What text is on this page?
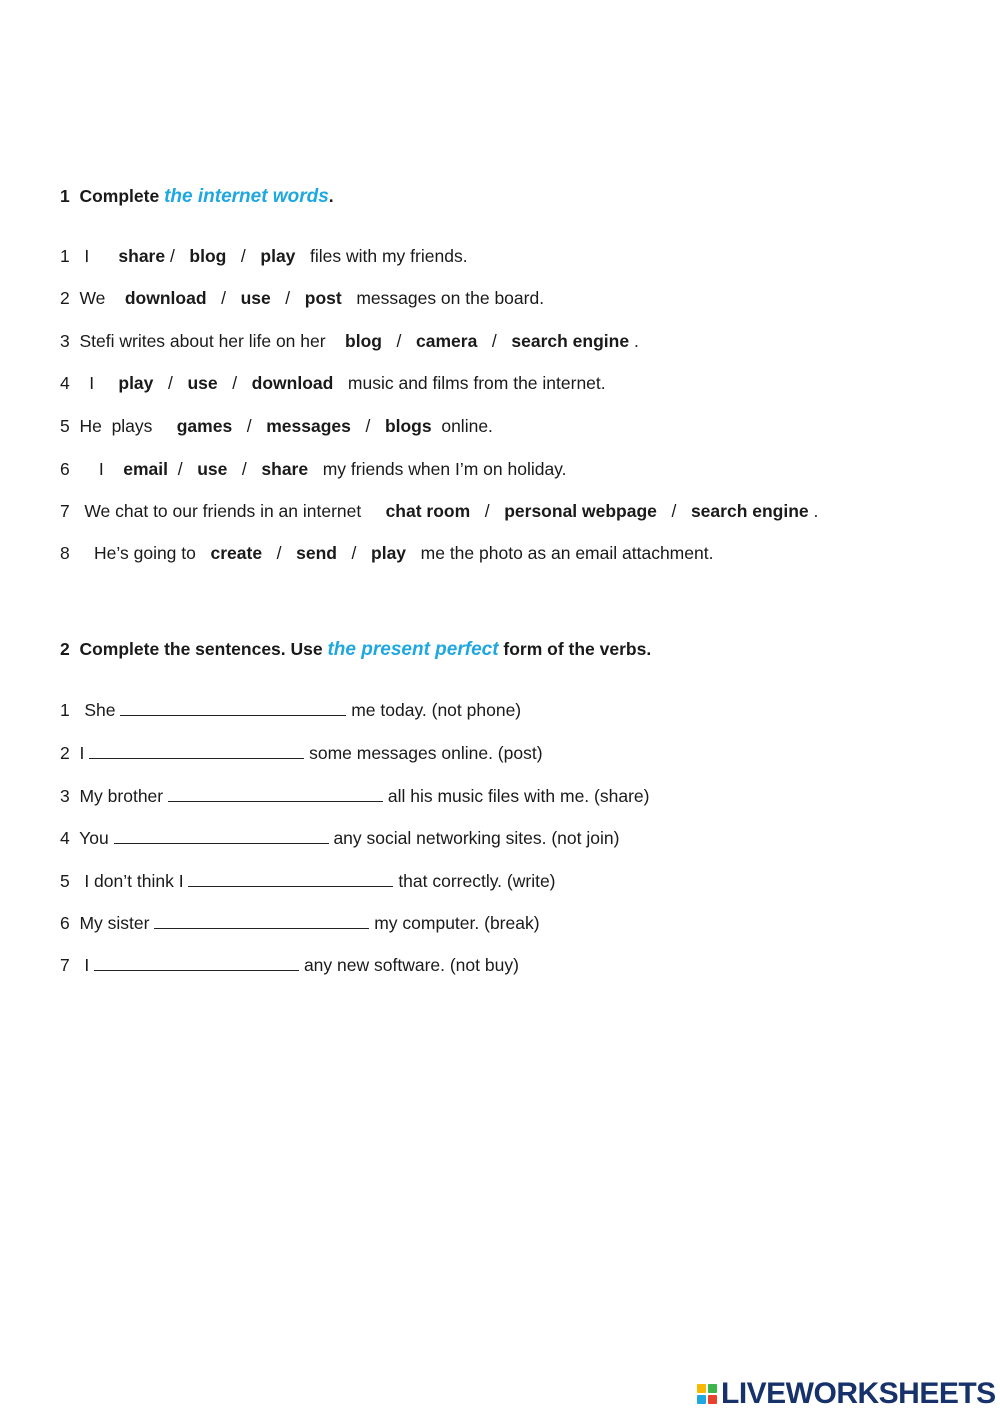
1 Complete the internet words.
1 I share /   blog   /   play files with my friends.
2 We download   /   use   /   post messages on the board.
3 Stefi writes about her life on her blog   /   camera   /   search engine .
4 I play   /   use   /   download music and films from the internet.
5 He  plays games   /   messages   /   blogs online.
6 I email  /   use   /   share my friends when I’m on holiday.
7 We chat to our friends in an internet chat room   /   personal webpage   /   search engine .
8 He’s going to create   /   send   /   play me the photo as an email attachment.
2 Complete the sentences. Use the present perfect form of the verbs.
1 She	me today. (not phone)
2 I	some messages online. (post)
3 My brother	all his music files with me. (share)
4 You	any social networking sites. (not join)
5 I don’t think I	that correctly. (write)
6 My sister	my computer. (break)
7 I	any new software. (not buy)
LIVEWORKSHEETS
